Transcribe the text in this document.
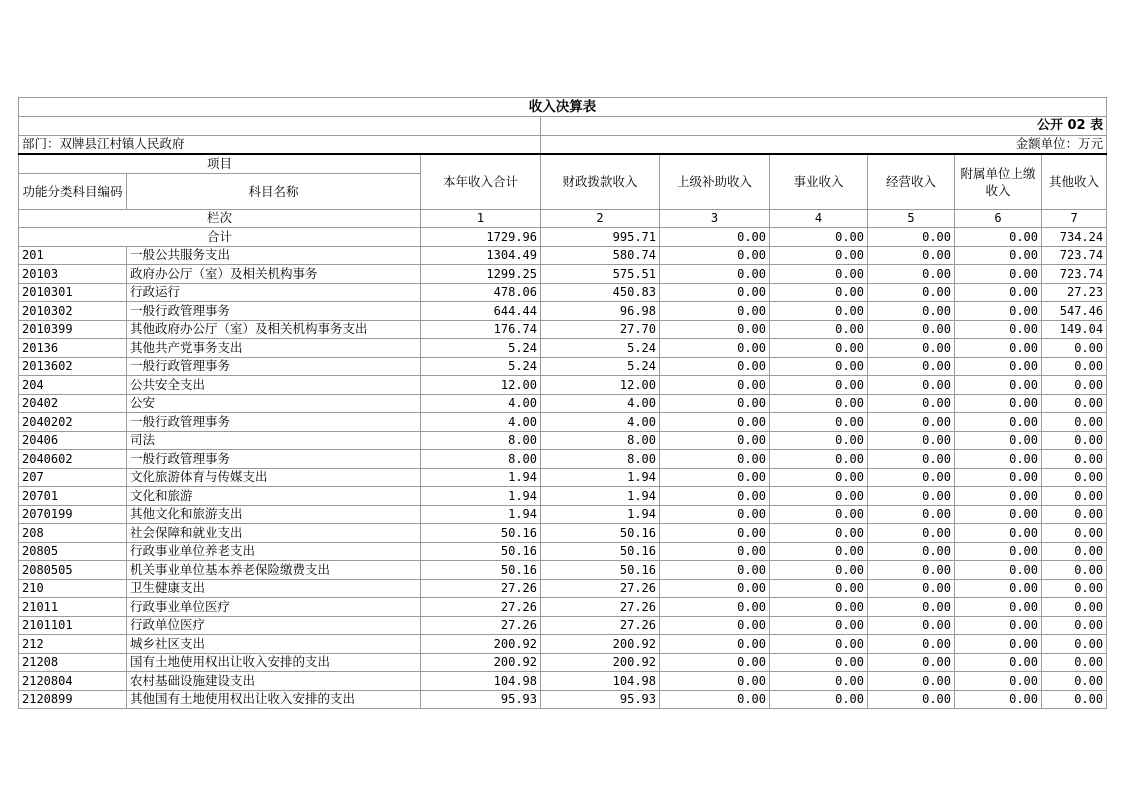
收入决算表								
			公开 02 表					
部门：双牌县江村镇人民政府			金额单位：万元					
项目		本年收入合计	财政拨款收入	上级补助收入	事业收入	经营收入	附属单位上缴收入	其他收入
功能分类科目编码	科目名称							
栏次		1	2	3	4	5	6	7
合计		1729.96	995.71	0.00	0.00	0.00	0.00	734.24
201	一般公共服务支出	1304.49	580.74	0.00	0.00	0.00	0.00	723.74
20103	政府办公厅（室）及相关机构事务	1299.25	575.51	0.00	0.00	0.00	0.00	723.74
2010301	行政运行	478.06	450.83	0.00	0.00	0.00	0.00	27.23
2010302	一般行政管理事务	644.44	96.98	0.00	0.00	0.00	0.00	547.46
2010399	其他政府办公厅（室）及相关机构事务支出	176.74	27.70	0.00	0.00	0.00	0.00	149.04
20136	其他共产党事务支出	5.24	5.24	0.00	0.00	0.00	0.00	0.00
2013602	一般行政管理事务	5.24	5.24	0.00	0.00	0.00	0.00	0.00
204	公共安全支出	12.00	12.00	0.00	0.00	0.00	0.00	0.00
20402	公安	4.00	4.00	0.00	0.00	0.00	0.00	0.00
2040202	一般行政管理事务	4.00	4.00	0.00	0.00	0.00	0.00	0.00
20406	司法	8.00	8.00	0.00	0.00	0.00	0.00	0.00
2040602	一般行政管理事务	8.00	8.00	0.00	0.00	0.00	0.00	0.00
207	文化旅游体育与传媒支出	1.94	1.94	0.00	0.00	0.00	0.00	0.00
20701	文化和旅游	1.94	1.94	0.00	0.00	0.00	0.00	0.00
2070199	其他文化和旅游支出	1.94	1.94	0.00	0.00	0.00	0.00	0.00
208	社会保障和就业支出	50.16	50.16	0.00	0.00	0.00	0.00	0.00
20805	行政事业单位养老支出	50.16	50.16	0.00	0.00	0.00	0.00	0.00
2080505	机关事业单位基本养老保险缴费支出	50.16	50.16	0.00	0.00	0.00	0.00	0.00
210	卫生健康支出	27.26	27.26	0.00	0.00	0.00	0.00	0.00
21011	行政事业单位医疗	27.26	27.26	0.00	0.00	0.00	0.00	0.00
2101101	行政单位医疗	27.26	27.26	0.00	0.00	0.00	0.00	0.00
212	城乡社区支出	200.92	200.92	0.00	0.00	0.00	0.00	0.00
21208	国有土地使用权出让收入安排的支出	200.92	200.92	0.00	0.00	0.00	0.00	0.00
2120804	农村基础设施建设支出	104.98	104.98	0.00	0.00	0.00	0.00	0.00
2120899	其他国有土地使用权出让收入安排的支出	95.93	95.93	0.00	0.00	0.00	0.00	0.00
